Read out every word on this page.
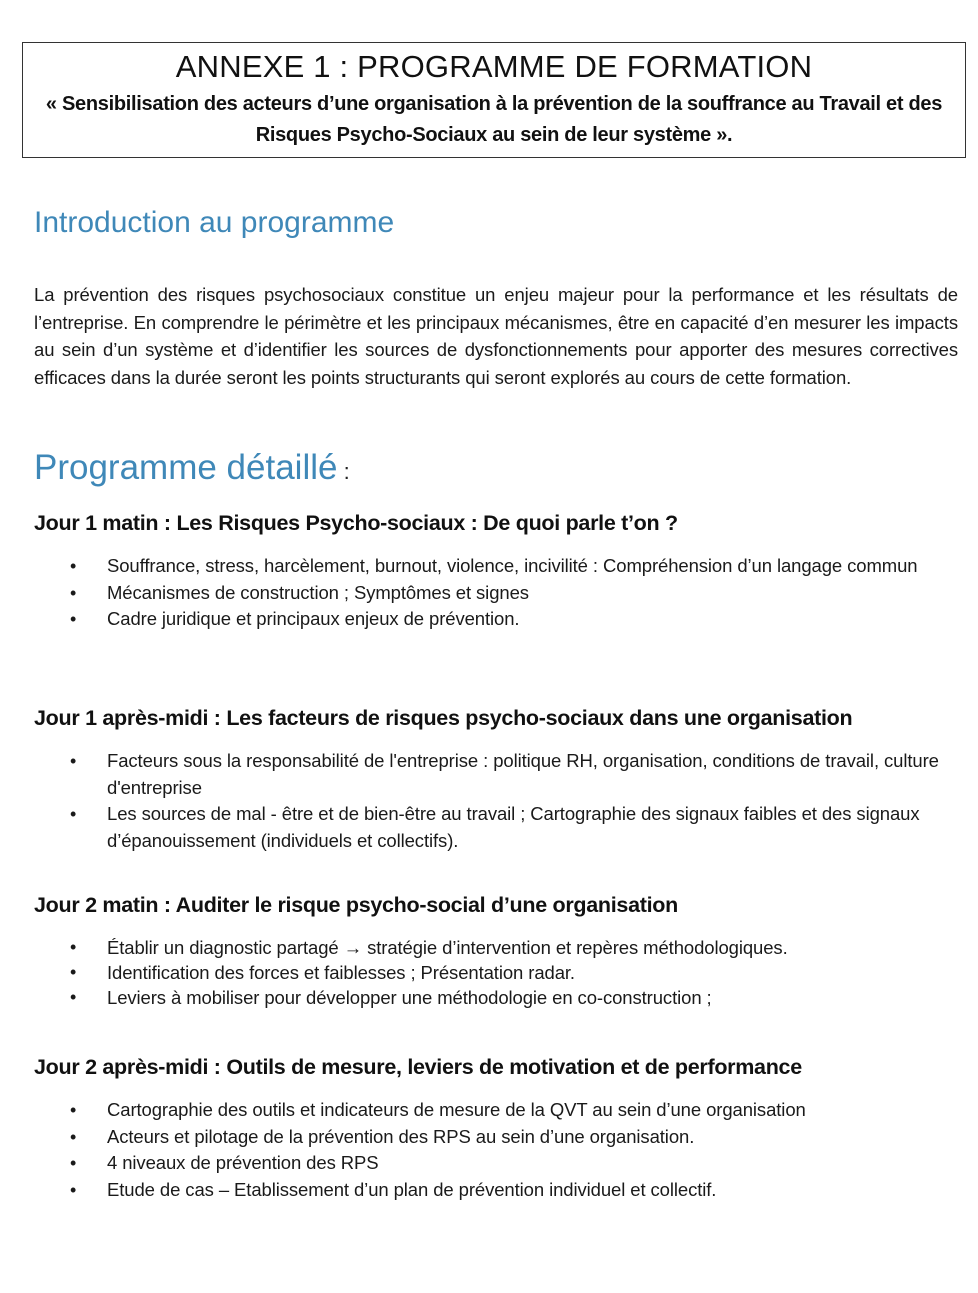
ANNEXE 1 : PROGRAMME DE FORMATION
« Sensibilisation des acteurs d’une organisation à la prévention de la souffrance au Travail et des Risques Psycho-Sociaux au sein de leur système ».
Introduction au programme

La prévention des risques psychosociaux constitue un enjeu majeur pour la performance et les résultats de l’entreprise. En comprendre le périmètre et les principaux mécanismes, être en capacité d’en mesurer les impacts au sein d’un système et d’identifier les sources de dysfonctionnements pour apporter des mesures correctives efficaces dans la durée seront les points structurants qui seront explorés au cours de cette formation.

Programme détaillé :
Jour 1 matin : Les Risques Psycho-sociaux : De quoi parle t’on ?
• Souffrance, stress, harcèlement, burnout, violence, incivilité : Compréhension d’un langage commun
• Mécanismes de construction ; Symptômes et signes
• Cadre juridique et principaux enjeux de prévention.
Jour 1 après-midi : Les facteurs de risques psycho-sociaux dans une organisation
• Facteurs sous la responsabilité de l'entreprise : politique RH, organisation, conditions de travail, culture d'entreprise
• Les sources de mal - être et de bien-être au travail ; Cartographie des signaux faibles et des signaux d’épanouissement (individuels et collectifs).
Jour 2 matin : Auditer le risque psycho-social d’une organisation
• Établir un diagnostic partagé → stratégie d’intervention et repères méthodologiques.
• Identification des forces et faiblesses ; Présentation radar.
• Leviers à mobiliser pour développer une méthodologie en co-construction ;
Jour 2 après-midi : Outils de mesure, leviers de motivation et de performance
• Cartographie des outils et indicateurs de mesure de la QVT au sein d’une organisation
• Acteurs et pilotage de la prévention des RPS au sein d’une organisation.
• 4 niveaux de prévention des RPS
• Etude de cas – Etablissement d’un plan de prévention individuel et collectif.
